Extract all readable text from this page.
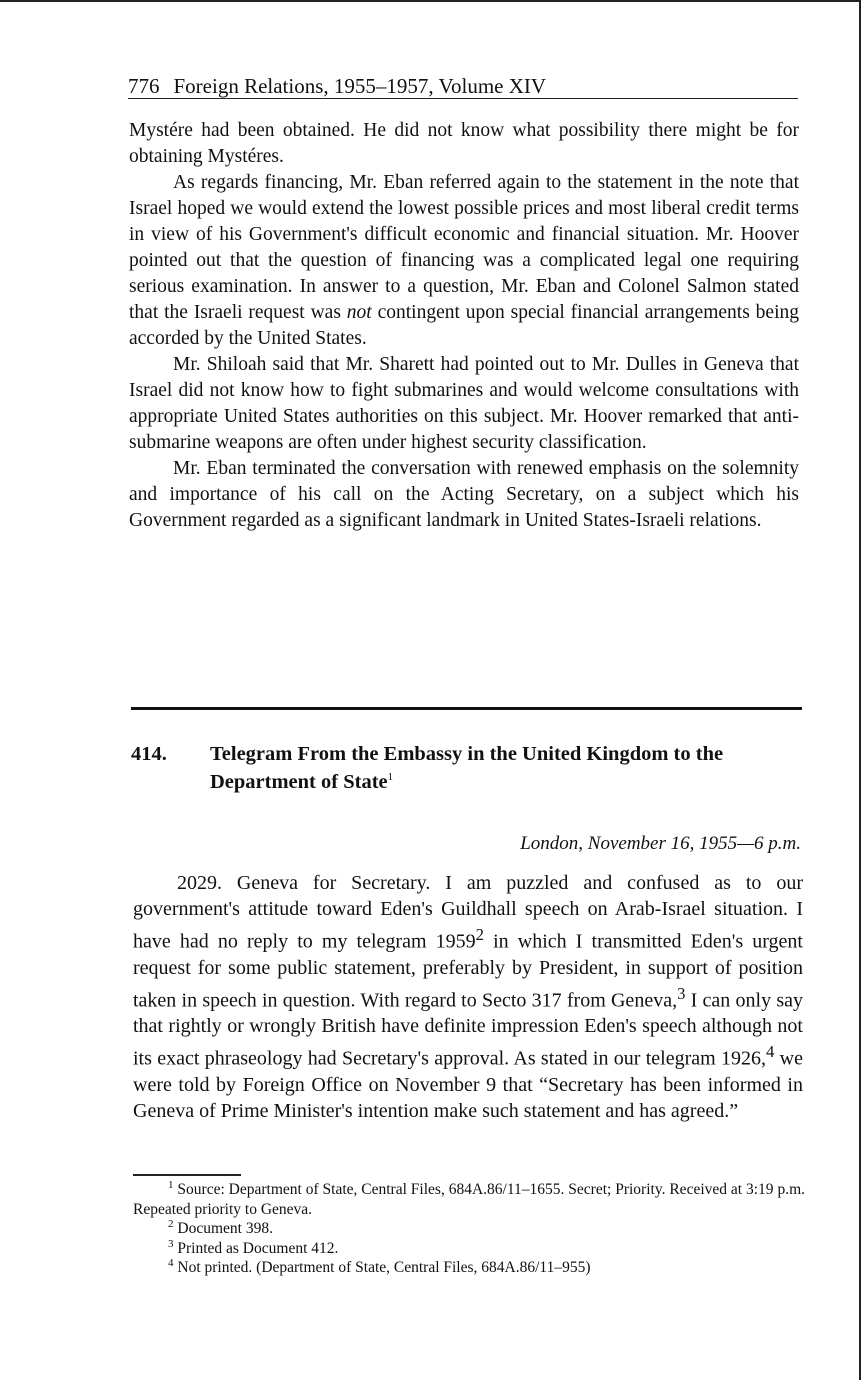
776 Foreign Relations, 1955–1957, Volume XIV

Mystére had been obtained. He did not know what possibility there might be for obtaining Mystéres.

As regards financing, Mr. Eban referred again to the statement in the note that Israel hoped we would extend the lowest possible prices and most liberal credit terms in view of his Government's difficult economic and financial situation. Mr. Hoover pointed out that the question of financing was a complicated legal one requiring serious examination. In answer to a question, Mr. Eban and Colonel Salmon stated that the Israeli request was not contingent upon special financial arrangements being accorded by the United States.

Mr. Shiloah said that Mr. Sharett had pointed out to Mr. Dulles in Geneva that Israel did not know how to fight submarines and would welcome consultations with appropriate United States authorities on this subject. Mr. Hoover remarked that anti-submarine weapons are often under highest security classification.

Mr. Eban terminated the conversation with renewed emphasis on the solemnity and importance of his call on the Acting Secretary, on a subject which his Government regarded as a significant landmark in United States-Israeli relations.

414. Telegram From the Embassy in the United Kingdom to the Department of State$^1$
London, November 16, 1955—6 p.m.

2029. Geneva for Secretary. I am puzzled and confused as to our government's attitude toward Eden's Guildhall speech on Arab-Israel situation. I have had no reply to my telegram 1959$^2$ in which I transmitted Eden's urgent request for some public statement, preferably by President, in support of position taken in speech in question. With regard to Secto 317 from Geneva,$^3$ I can only say that rightly or wrongly British have definite impression Eden's speech although not its exact phraseology had Secretary's approval. As stated in our telegram 1926,$^4$ we were told by Foreign Office on November 9 that “Secretary has been informed in Geneva of Prime Minister's intention make such statement and has agreed.”

$^1$ Source: Department of State, Central Files, 684A.86/11–1655. Secret; Priority. Received at 3:19 p.m. Repeated priority to Geneva.

$^2$ Document 398.

$^3$ Printed as Document 412.

$^4$ Not printed. (Department of State, Central Files, 684A.86/11–955)
